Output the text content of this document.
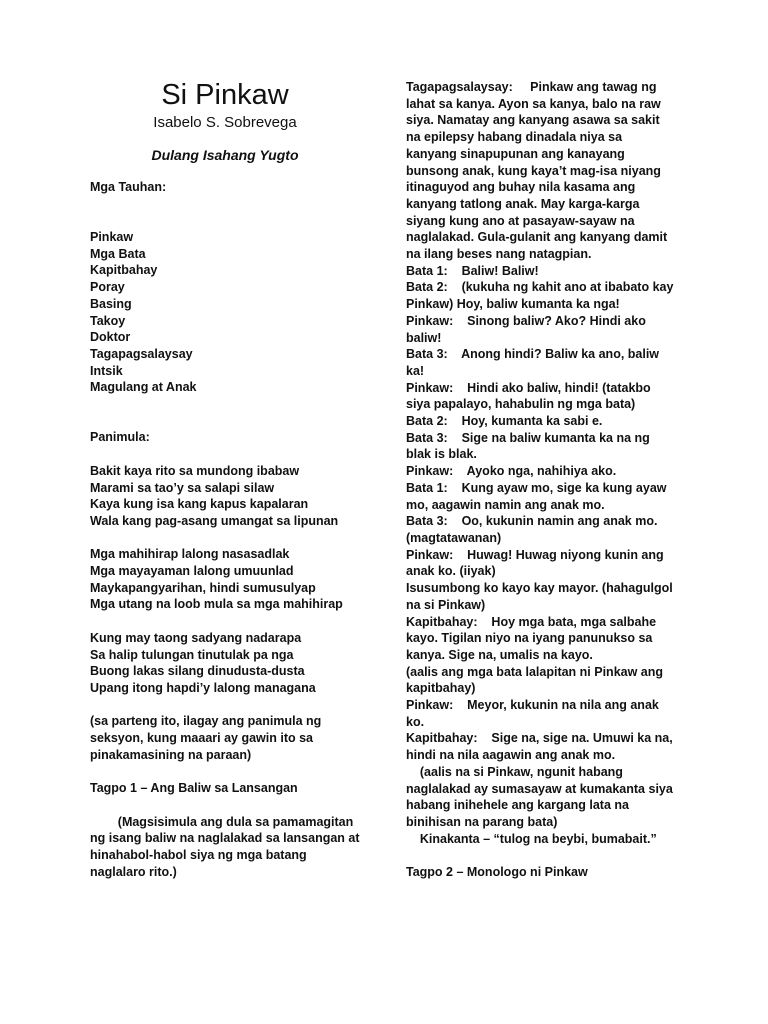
Si Pinkaw
Isabelo S. Sobrevega
Dulang Isahang Yugto
Mga Tauhan:
Pinkaw
Mga Bata
Kapitbahay
Poray
Basing
Takoy
Doktor
Tagapagsalaysay
Intsik
Magulang at Anak
Panimula:
Bakit kaya rito sa mundong ibabaw
Marami sa tao’y sa salapi silaw
Kaya kung isa kang kapus kapalaran
Wala kang pag-asang umangat sa lipunan
Mga mahihirap lalong nasasadlak
Mga mayayaman lalong umuunlad
Maykapangyarihan, hindi sumusulyap
Mga utang na loob mula sa mga mahihirap
Kung may taong sadyang nadarapa
Sa halip tulungan tinutulak pa nga
Buong lakas silang dinudusta-dusta
Upang itong hapdi’y lalong managana
(sa parteng ito, ilagay ang panimula ng
seksyon, kung maaari ay gawin ito sa
pinakamasining na paraan)
Tagpo 1 – Ang Baliw sa Lansangan
(Magsisimula ang dula sa pamamagitan
ng isang baliw na naglalakad sa lansangan at
hinahabol-habol siya ng mga batang
naglalaro rito.)
Tagapagsalaysay:     Pinkaw ang tawag ng
lahat sa kanya. Ayon sa kanya, balo na raw
siya. Namatay ang kanyang asawa sa sakit
na epilepsy habang dinadala niya sa
kanyang sinapupunan ang kanayang
bunsong anak, kung kaya’t mag-isa niyang
itinaguyod ang buhay nila kasama ang
kanyang tatlong anak. May karga-karga
siyang kung ano at pasayaw-sayaw na
naglalakad. Gula-gulanit ang kanyang damit
na ilang beses nang natagpian.
Bata 1:    Baliw! Baliw!
Bata 2:    (kukuha ng kahit ano at ibabato kay
Pinkaw) Hoy, baliw kumanta ka nga!
Pinkaw:    Sinong baliw? Ako? Hindi ako
baliw!
Bata 3:    Anong hindi? Baliw ka ano, baliw
ka!
Pinkaw:    Hindi ako baliw, hindi! (tatakbo
siya papalayo, hahabulin ng mga bata)
Bata 2:    Hoy, kumanta ka sabi e.
Bata 3:    Sige na baliw kumanta ka na ng
blak is blak.
Pinkaw:    Ayoko nga, nahihiya ako.
Bata 1:    Kung ayaw mo, sige ka kung ayaw
mo, aagawin namin ang anak mo.
Bata 3:    Oo, kukunin namin ang anak mo.
(magtatawanan)
Pinkaw:    Huwag! Huwag niyong kunin ang
anak ko. (iiyak)
Isusumbong ko kayo kay mayor. (hahagulgol
na si Pinkaw)
Kapitbahay:    Hoy mga bata, mga salbahe
kayo. Tigilan niyo na iyang panunukso sa
kanya. Sige na, umalis na kayo.
(aalis ang mga bata lalapitan ni Pinkaw ang
kapitbahay)
Pinkaw:    Meyor, kukunin na nila ang anak
ko.
Kapitbahay:    Sige na, sige na. Umuwi ka na,
hindi na nila aagawin ang anak mo.
(aalis na si Pinkaw, ngunit habang
naglalakad ay sumasayaw at kumakanta siya
habang inihehele ang kargang lata na
binihisan na parang bata)
Kinakanta – “tulog na beybi, bumabait.”
Tagpo 2 – Monologo ni Pinkaw
